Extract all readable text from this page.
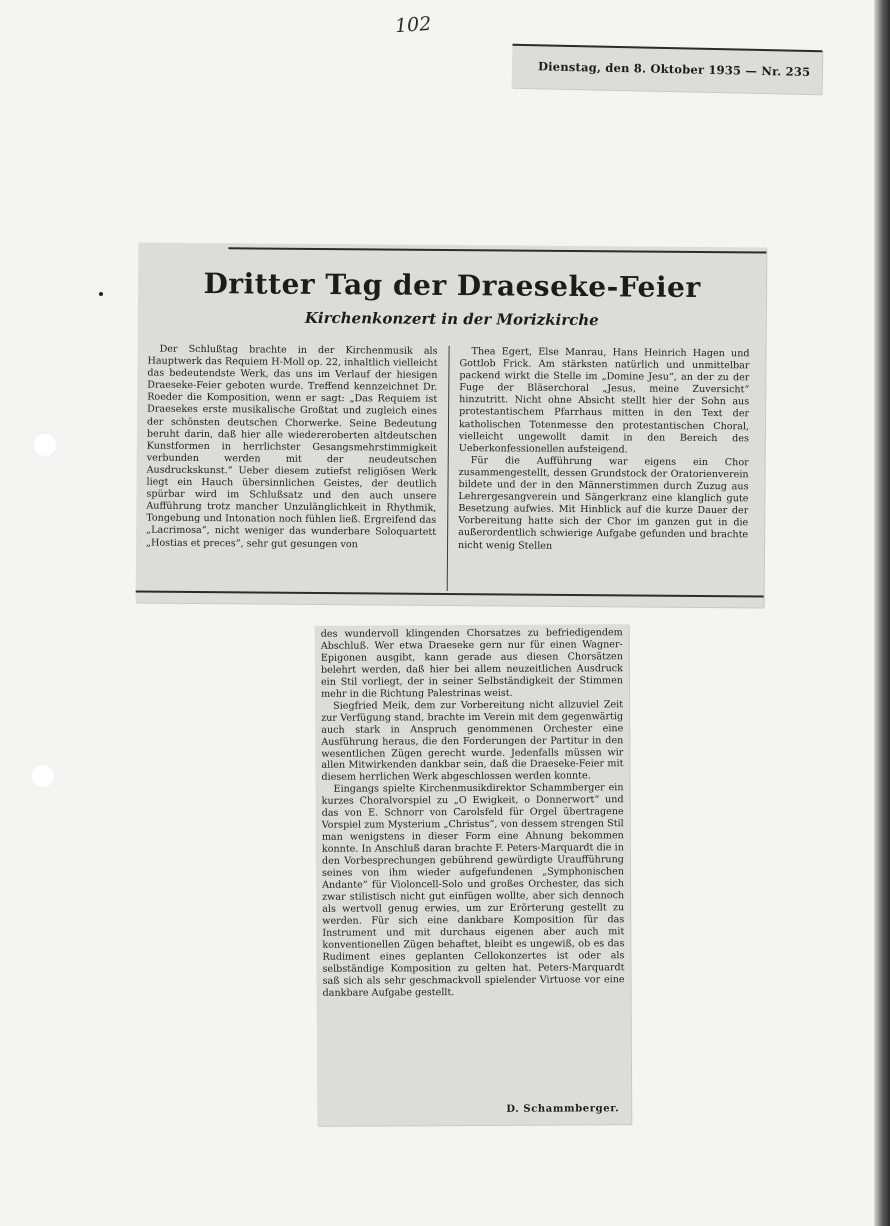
102
Dienstag, den 8. Oktober 1935 — Nr. 235
Dritter Tag der Draeseke-Feier
Kirchenkonzert in der Morizkirche

Der Schlußtag brachte in der Kirchenmusik als Hauptwerk das Requiem H-Moll op. 22, inhaltlich vielleicht das bedeutendste Werk, das uns im Verlauf der hiesigen Draeseke-Feier geboten wurde. Treffend kennzeichnet Dr. Roeder die Komposition, wenn er sagt: „Das Requiem ist Draesekes erste musikalische Großtat und zugleich eines der schönsten deutschen Chorwerke. Seine Bedeutung beruht darin, daß hier alle wiedereroberten altdeutschen Kunstformen in herrlichster Gesangsmehrstimmigkeit verbunden werden mit der neudeutschen Ausdruckskunst.“ Ueber diesem zutiefst religiösen Werk liegt ein Hauch übersinnlichen Geistes, der deutlich spürbar wird im Schlußsatz und den auch unsere Aufführung trotz mancher Unzulänglichkeit in Rhythmik, Tongebung und Intonation noch fühlen ließ. Ergreifend das „Lacrimosa“, nicht weniger das wunderbare Soloquartett „Hostias et preces“, sehr gut gesungen von

Thea Egert, Else Manrau, Hans Heinrich Hagen und Gottlob Frick. Am stärksten natürlich und unmittelbar packend wirkt die Stelle im „Domine Jesu“, an der zu der Fuge der Bläserchoral „Jesus, meine Zuversicht“ hinzutritt. Nicht ohne Absicht stellt hier der Sohn aus protestantischem Pfarrhaus mitten in den Text der katholischen Totenmesse den protestantischen Choral, vielleicht ungewollt damit in den Bereich des Ueberkonfessionellen aufsteigend.

Für die Aufführung war eigens ein Chor zusammengestellt, dessen Grundstock der Oratorienverein bildete und der in den Männerstimmen durch Zuzug aus Lehrergesangverein und Sängerkranz eine klanglich gute Besetzung aufwies. Mit Hinblick auf die kurze Dauer der Vorbereitung hatte sich der Chor im ganzen gut in die außerordentlich schwierige Aufgabe gefunden und brachte nicht wenig Stellen

des wundervoll klingenden Chorsatzes zu befriedigendem Abschluß. Wer etwa Draeseke gern nur für einen Wagner-Epigonen ausgibt, kann gerade aus diesen Chorsätzen belehrt werden, daß hier bei allem neuzeitlichen Ausdruck ein Stil vorliegt, der in seiner Selbständigkeit der Stimmen mehr in die Richtung Palestrinas weist.

Siegfried Meik, dem zur Vorbereitung nicht allzuviel Zeit zur Verfügung stand, brachte im Verein mit dem gegenwärtig auch stark in Anspruch genommenen Orchester eine Ausführung heraus, die den Forderungen der Partitur in den wesentlichen Zügen gerecht wurde. Jedenfalls müssen wir allen Mitwirkenden dankbar sein, daß die Draeseke-Feier mit diesem herrlichen Werk abgeschlossen werden konnte.

Eingangs spielte Kirchenmusikdirektor Schammberger ein kurzes Choralvorspiel zu „O Ewigkeit, o Donnerwort“ und das von E. Schnorr von Carolsfeld für Orgel übertragene Vorspiel zum Mysterium „Christus“, von dessem strengen Stil man wenigstens in dieser Form eine Ahnung bekommen konnte. In Anschluß daran brachte F. Peters-Marquardt die in den Vorbesprechungen gebührend gewürdigte Uraufführung seines von ihm wieder aufgefundenen „Symphonischen Andante“ für Violoncell-Solo und großes Orchester, das sich zwar stilistisch nicht gut einfügen wollte, aber sich dennoch als wertvoll genug erwies, um zur Erörterung gestellt zu werden. Für sich eine dankbare Komposition für das Instrument und mit durchaus eigenen aber auch mit konventionellen Zügen behaftet, bleibt es ungewiß, ob es das Rudiment eines geplanten Cellokonzertes ist oder als selbständige Komposition zu gelten hat. Peters-Marquardt saß sich als sehr geschmackvoll spielender Virtuose vor eine dankbare Aufgabe gestellt.

D. Schammberger.
